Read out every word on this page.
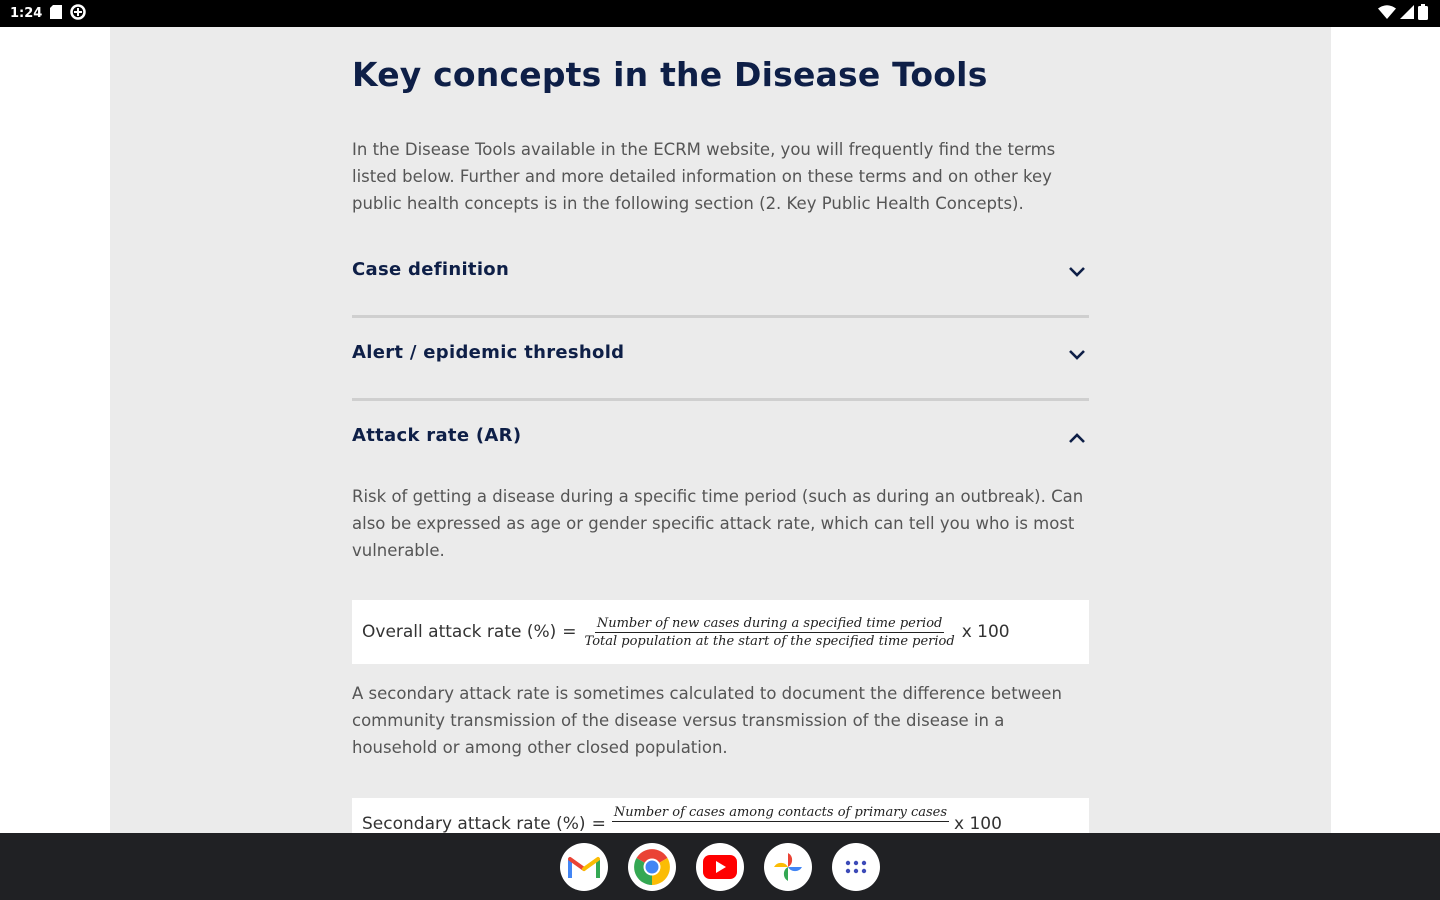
1:24
Key concepts in the Disease Tools

In the Disease Tools available in the ECRM website, you will frequently find the terms listed below. Further and more detailed information on these terms and on other key public health concepts is in the following section (2. Key Public Health Concepts).

Case definition
Alert / epidemic threshold
Attack rate (AR)

Risk of getting a disease during a specific time period (such as during an outbreak). Can also be expressed as age or gender specific attack rate, which can tell you who is most vulnerable.

Overall attack rate (%) = $\frac{\text{Number of new cases during a specified time period}}{\text{Total population at the start of the specified time period}}$ x 100

A secondary attack rate is sometimes calculated to document the difference between community transmission of the disease versus transmission of the disease in a household or among other closed population.

Secondary attack rate (%) =
Number of cases among contacts of primary cases
x 100
